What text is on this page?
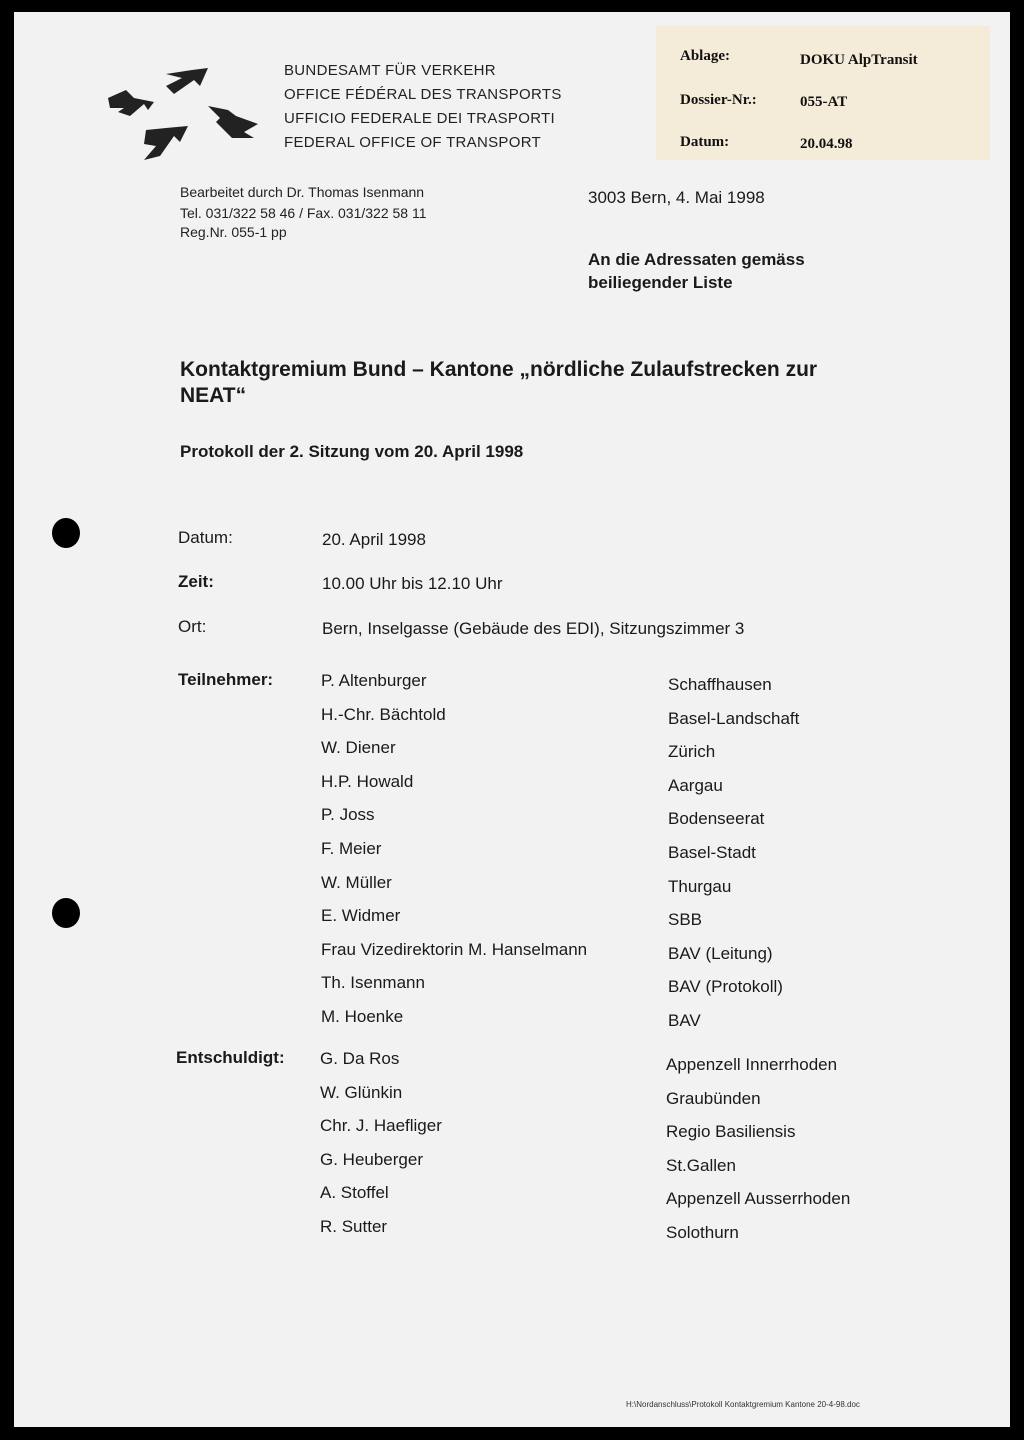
BUNDESAMT FÜR VERKEHR
OFFICE FÉDÉRAL DES TRANSPORTS
UFFICIO FEDERALE DEI TRASPORTI
FEDERAL OFFICE OF TRANSPORT
Ablage:	DOKU AlpTransit
Dossier-Nr.:	055-AT
Datum:	20.04.98
Bearbeitet durch Dr. Thomas Isenmann
Tel. 031/322 58 46 / Fax. 031/322 58 11
Reg.Nr. 055-1 pp
3003 Bern, 4. Mai 1998
An die Adressaten gemäss
beiliegender Liste
Kontaktgremium Bund – Kantone „nördliche Zulaufstrecken zur
NEAT“
Protokoll der 2. Sitzung vom 20. April 1998
Datum:	20. April 1998
Zeit:	10.00 Uhr bis 12.10 Uhr
Ort:	Bern, Inselgasse (Gebäude des EDI), Sitzungszimmer 3
Teilnehmer:	P. Altenburger	Schaffhausen
H.-Chr. Bächtold	Basel-Landschaft
W. Diener	Zürich
H.P. Howald	Aargau
P. Joss	Bodenseerat
F. Meier	Basel-Stadt
W. Müller	Thurgau
E. Widmer	SBB
Frau Vizedirektorin M. Hanselmann	BAV (Leitung)
Th. Isenmann	BAV (Protokoll)
M. Hoenke	BAV
Entschuldigt: G. Da Ros	Appenzell Innerrhoden
W. Glünkin	Graubünden
Chr. J. Haefliger	Regio Basiliensis
G. Heuberger	St.Gallen
A. Stoffel	Appenzell Ausserrhoden
R. Sutter	Solothurn
H:\Nordanschluss\Protokoll Kontaktgremium Kantone 20-4-98.doc
